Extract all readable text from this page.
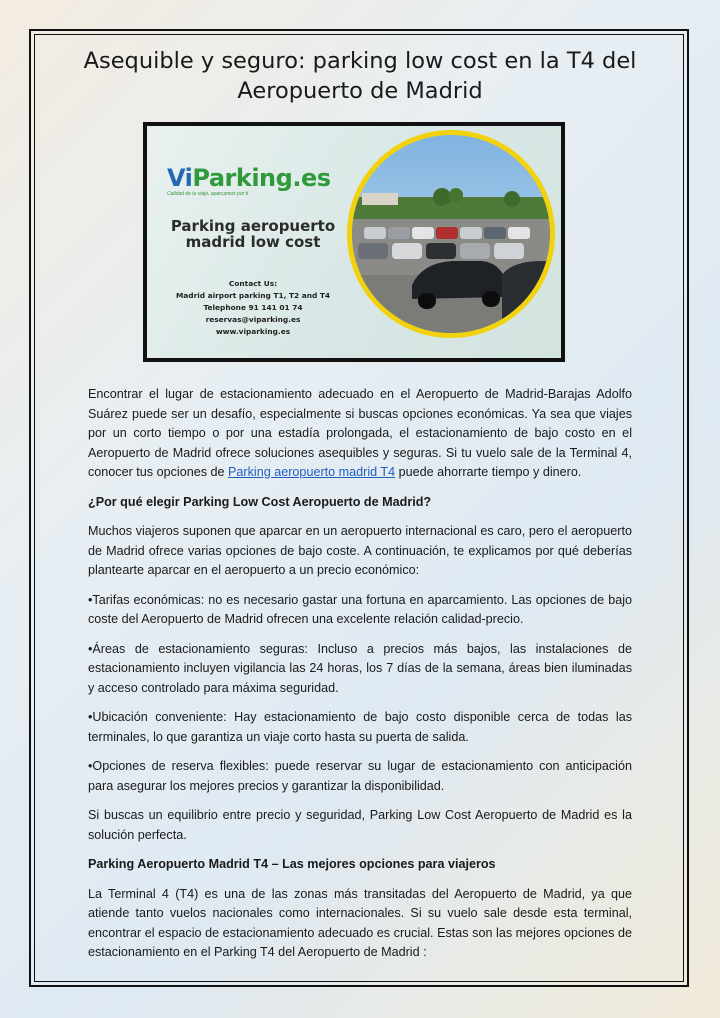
Asequible y seguro: parking low cost en la T4 del Aeropuerto de Madrid
ViParking.es
Calidad de tu viaje, aparcamos por ti
Parking aeropuerto madrid low cost
Contact Us:
Madrid airport parking T1, T2 and T4
Telephone 91 141 01 74
reservas@viparking.es
www.viparking.es

Encontrar el lugar de estacionamiento adecuado en el Aeropuerto de Madrid-Barajas Adolfo Suárez puede ser un desafío, especialmente si buscas opciones económicas. Ya sea que viajes por un corto tiempo o por una estadía prolongada, el estacionamiento de bajo costo en el Aeropuerto de Madrid ofrece soluciones asequibles y seguras. Si tu vuelo sale de la Terminal 4, conocer tus opciones de Parking aeropuerto madrid T4 puede ahorrarte tiempo y dinero.

¿Por qué elegir Parking Low Cost Aeropuerto de Madrid?

Muchos viajeros suponen que aparcar en un aeropuerto internacional es caro, pero el aeropuerto de Madrid ofrece varias opciones de bajo coste. A continuación, te explicamos por qué deberías plantearte aparcar en el aeropuerto a un precio económico:

•Tarifas económicas: no es necesario gastar una fortuna en aparcamiento. Las opciones de bajo coste del Aeropuerto de Madrid ofrecen una excelente relación calidad-precio.

•Áreas de estacionamiento seguras: Incluso a precios más bajos, las instalaciones de estacionamiento incluyen vigilancia las 24 horas, los 7 días de la semana, áreas bien iluminadas y acceso controlado para máxima seguridad.

•Ubicación conveniente: Hay estacionamiento de bajo costo disponible cerca de todas las terminales, lo que garantiza un viaje corto hasta su puerta de salida.

•Opciones de reserva flexibles: puede reservar su lugar de estacionamiento con anticipación para asegurar los mejores precios y garantizar la disponibilidad.

Si buscas un equilibrio entre precio y seguridad, Parking Low Cost Aeropuerto de Madrid es la solución perfecta.

Parking Aeropuerto Madrid T4 – Las mejores opciones para viajeros

La Terminal 4 (T4) es una de las zonas más transitadas del Aeropuerto de Madrid, ya que atiende tanto vuelos nacionales como internacionales. Si su vuelo sale desde esta terminal, encontrar el espacio de estacionamiento adecuado es crucial. Estas son las mejores opciones de estacionamiento en el Parking T4 del Aeropuerto de Madrid :
